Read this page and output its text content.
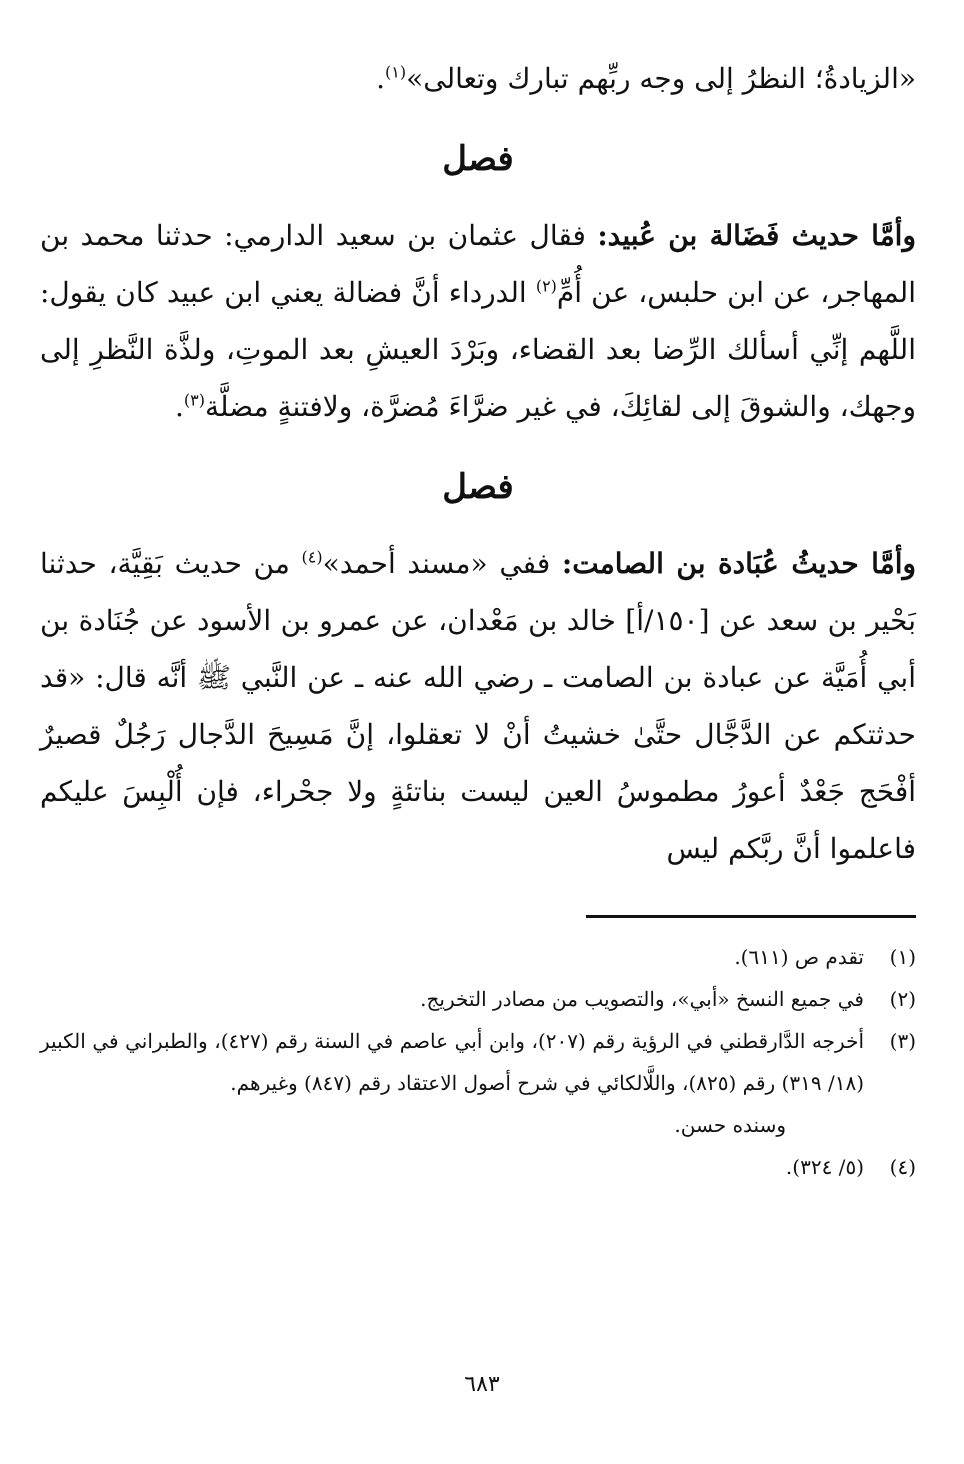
«الزيادةُ؛ النظرُ إلى وجه ربِّهم تبارك وتعالى»$^{(١)}$.

فصل

وأمَّا حديث فَضَالة بن عُبيد: فقال عثمان بن سعيد الدارمي: حدثنا محمد بن المهاجر، عن ابن حلبس، عن أُمِّ$^{(٢)}$ الدرداء أنَّ فضالة يعني ابن عبيد كان يقول: اللَّهم إنِّي أسألك الرِّضا بعد القضاء، وبَرْدَ العيشِ بعد الموتِ، ولذَّة النَّظرِ إلى وجهك، والشوقَ إلى لقائِكَ، في غير ضرَّاءَ مُضرَّة، ولافتنةٍ مضلَّة$^{(٣)}$.

فصل

وأمَّا حديثُ عُبَادة بن الصامت: ففي «مسند أحمد»$^{(٤)}$ من حديث بَقِيَّة، حدثنا بَحْير بن سعد عن [١٥٠/أ] خالد بن مَعْدان، عن عمرو بن الأسود عن جُنَادة بن أبي أُمَيَّة عن عبادة بن الصامت ـ رضي الله عنه ـ عن النَّبي ﷺ أنَّه قال: «قد حدثتكم عن الدَّجَّال حتَّىٰ خشيتُ أنْ لا تعقلوا، إنَّ مَسِيحَ الدَّجال رَجُلٌ قصيرٌ أفْحَج جَعْدٌ أعورُ مطموسُ العين ليست بناتئةٍ ولا جحْراء، فإن أُلْبِسَ عليكم فاعلموا أنَّ ربَّكم ليس

(١)
تقدم ص (٦١١).
(٢)
في جميع النسخ «أبي»، والتصويب من مصادر التخريج.
(٣)
أخرجه الدَّارقطني في الرؤية رقم (٢٠٧)، وابن أبي عاصم في السنة رقم (٤٢٧)، والطبراني في الكبير (١٨/ ٣١٩) رقم (٨٢٥)، واللَّالكائي في شرح أصول الاعتقاد رقم (٨٤٧) وغيرهم.
وسنده حسن.
(٤)
(٥/ ٣٢٤).
٦٨٣
